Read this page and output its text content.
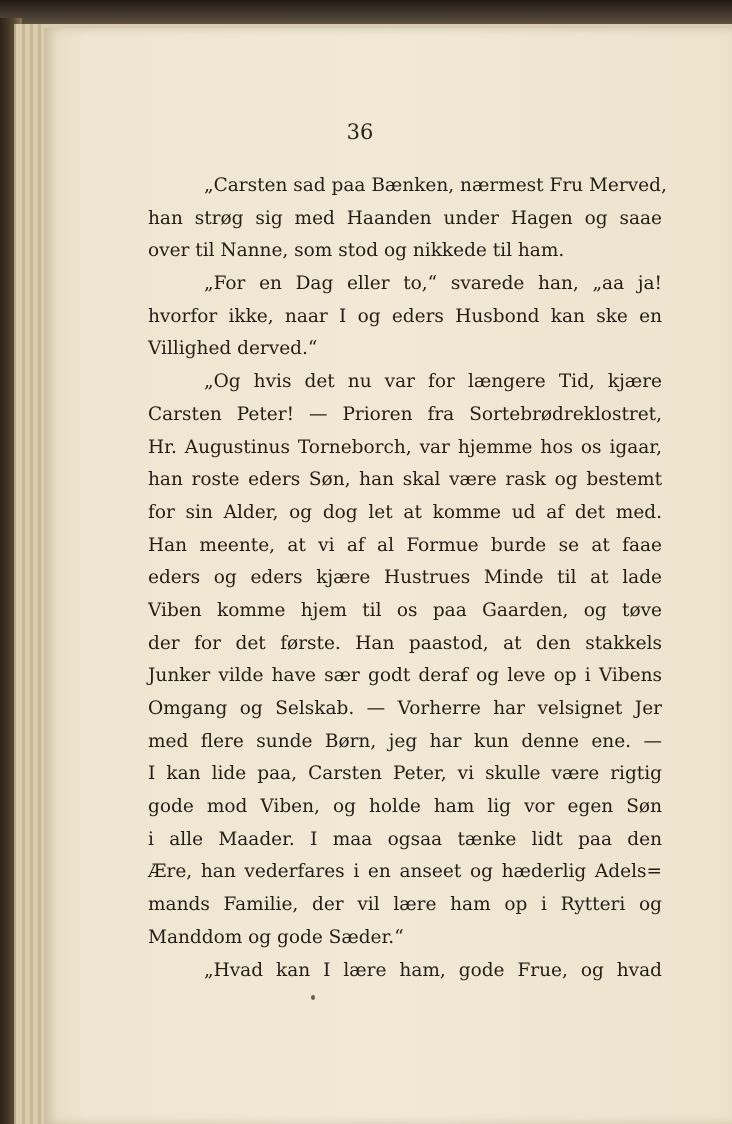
36
„Carsten sad paa Bænken, nærmest Fru Merved,
han strøg sig med Haanden under Hagen og saae
over til Nanne, som stod og nikkede til ham.
„For en Dag eller to,“ svarede han, „aa ja!
hvorfor ikke, naar I og eders Husbond kan ske en
Villighed derved.“
„Og hvis det nu var for længere Tid, kjære
Carsten Peter! — Prioren fra Sortebrødreklostret,
Hr. Augustinus Torneborch, var hjemme hos os igaar,
han roste eders Søn, han skal være rask og bestemt
for sin Alder, og dog let at komme ud af det med.
Han meente, at vi af al Formue burde se at faae
eders og eders kjære Hustrues Minde til at lade
Viben komme hjem til os paa Gaarden, og tøve
der for det første. Han paastod, at den stakkels
Junker vilde have sær godt deraf og leve op i Vibens
Omgang og Selskab. — Vorherre har velsignet Jer
med flere sunde Børn, jeg har kun denne ene. —
I kan lide paa, Carsten Peter, vi skulle være rigtig
gode mod Viben, og holde ham lig vor egen Søn
i alle Maader. I maa ogsaa tænke lidt paa den
Ære, han vederfares i en anseet og hæderlig Adels=
mands Familie, der vil lære ham op i Rytteri og
Manddom og gode Sæder.“
„Hvad kan I lære ham, gode Frue, og hvad
